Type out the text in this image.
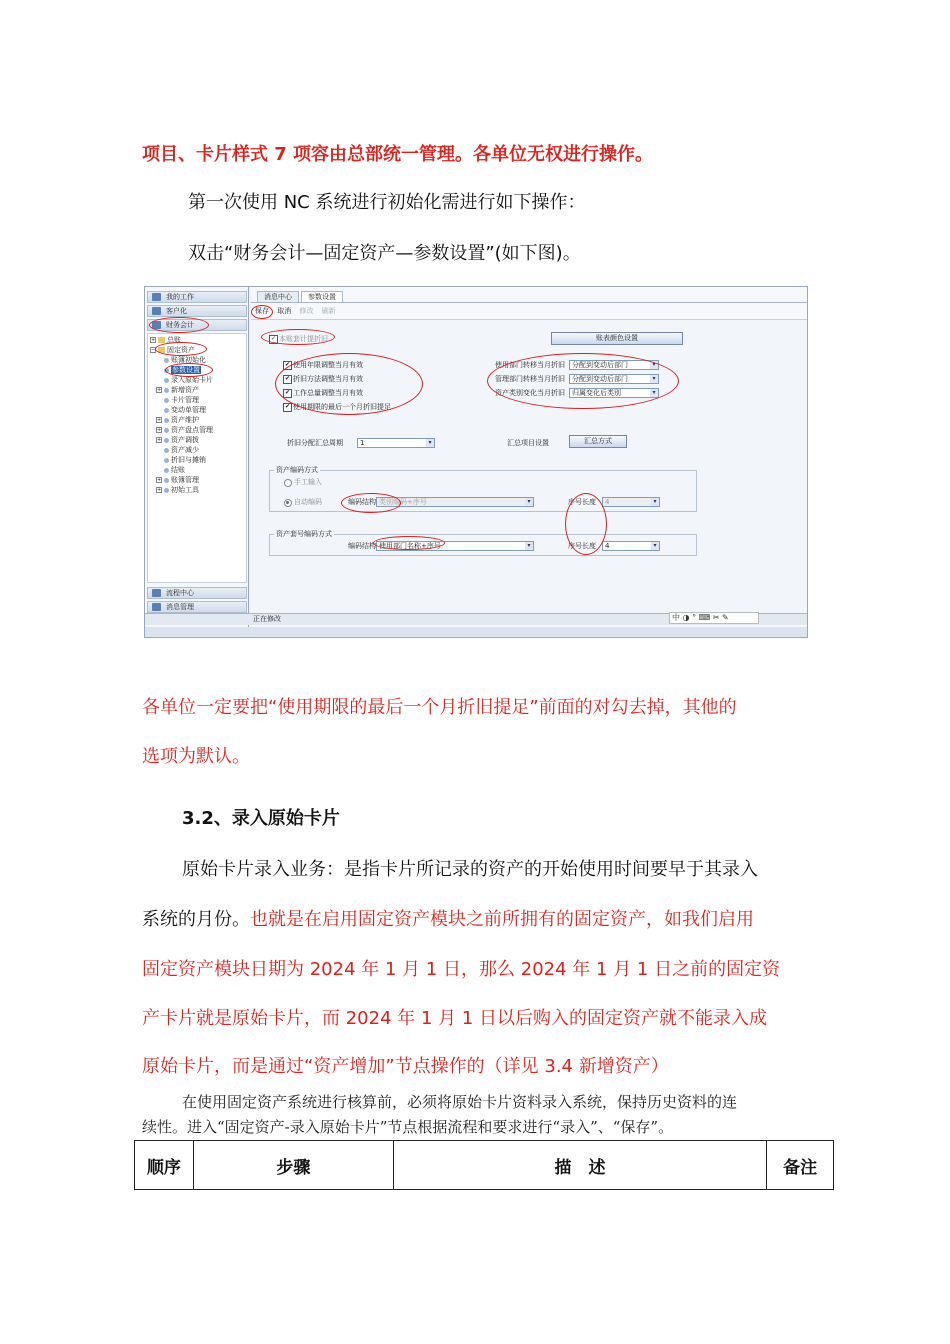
项目、卡片样式 7 项容由总部统一管理。各单位无权进行操作。
第一次使用 NC 系统进行初始化需进行如下操作：
双击“财务会计—固定资产—参数设置”(如下图)。
我的工作
客户化
财务会计
+ 总账
− 固定资产
账簿初始化
参数设置
录入原始卡片
+ 新增资产
卡片管理
变动单管理
+ 资产维护
+ 资产盘点管理
+ 资产调拨
资产减少
折旧与摊销
结账
+ 账簿管理
+ 初始工具
流程中心
消息管理
消息中心	参数设置
保存 取消 修改 刷新
✔ 本账套计提折旧	账表颜色设置
✔ 使用年限调整当月有效
✔ 折旧方法调整当月有效
✔ 工作总量调整当月有效
✔ 使用期限的最后一个月折旧提足
使用部门转移当月折旧	分配到变动后部门 ▾
管理部门转移当月折旧	分配到变动后部门 ▾
资产类别变化当月折旧	归属变化后类别 ▾
折旧分配汇总周期	1 ▾	汇总项目设置	汇总方式
资产编码方式
手工输入
自动编码	编码结构 类别编码+序号 ▾	序号长度	4 ▾
资产套号编码方式
编码结构 使用部门名称+序号 ▾	序号长度	4 ▾
正在修改	中 ◑ ° ⌨ ✂ ✎
各单位一定要把“使用期限的最后一个月折旧提足”前面的对勾去掉，其他的
选项为默认。
3.2、录入原始卡片
原始卡片录入业务：是指卡片所记录的资产的开始使用时间要早于其录入
系统的月份。也就是在启用固定资产模块之前所拥有的固定资产，如我们启用
固定资产模块日期为 2024 年 1 月 1 日，那么 2024 年 1 月 1 日之前的固定资
产卡片就是原始卡片，而 2024 年 1 月 1 日以后购入的固定资产就不能录入成
原始卡片，而是通过“资产增加”节点操作的（详见 3.4 新增资产）
在使用固定资产系统进行核算前，必须将原始卡片资料录入系统，保持历史资料的连
续性。进入“固定资产-录入原始卡片”节点根据流程和要求进行“录入”、“保存”。
顺序	步骤	描　述	备注
